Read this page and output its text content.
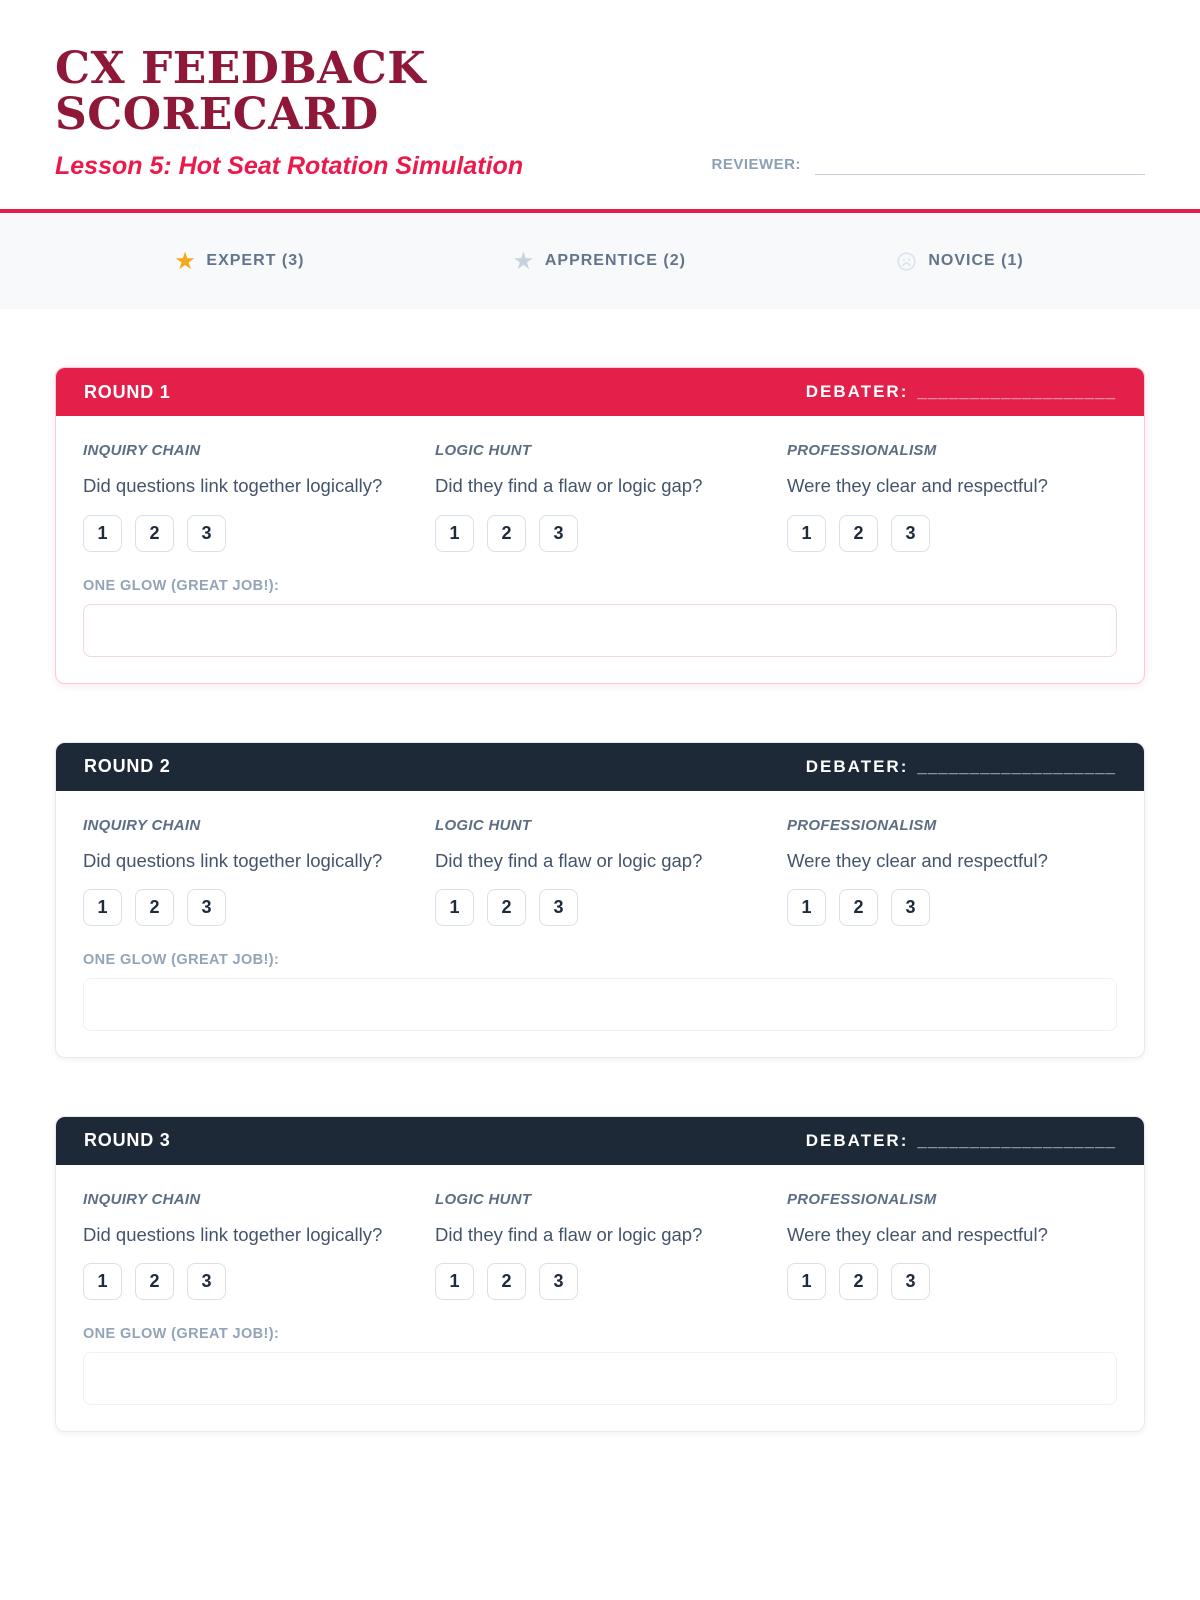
CX FEEDBACK SCORECARD

Lesson 5: Hot Seat Rotation Simulation	REVIEWER:
★ EXPERT (3)	★ APPRENTICE (2)	NOVICE (1)
ROUND 1	DEBATER: ___________________
INQUIRY CHAIN

Did questions link together logically?

1	2	3
LOGIC HUNT

Did they find a flaw or logic gap?

1	2	3
PROFESSIONALISM

Were they clear and respectful?

1	2	3
ONE GLOW (GREAT JOB!):
ROUND 2	DEBATER: ___________________
INQUIRY CHAIN

Did questions link together logically?

1	2	3
LOGIC HUNT

Did they find a flaw or logic gap?

1	2	3
PROFESSIONALISM

Were they clear and respectful?

1	2	3
ONE GLOW (GREAT JOB!):
ROUND 3	DEBATER: ___________________
INQUIRY CHAIN

Did questions link together logically?

1	2	3
LOGIC HUNT

Did they find a flaw or logic gap?

1	2	3
PROFESSIONALISM

Were they clear and respectful?

1	2	3
ONE GLOW (GREAT JOB!):
